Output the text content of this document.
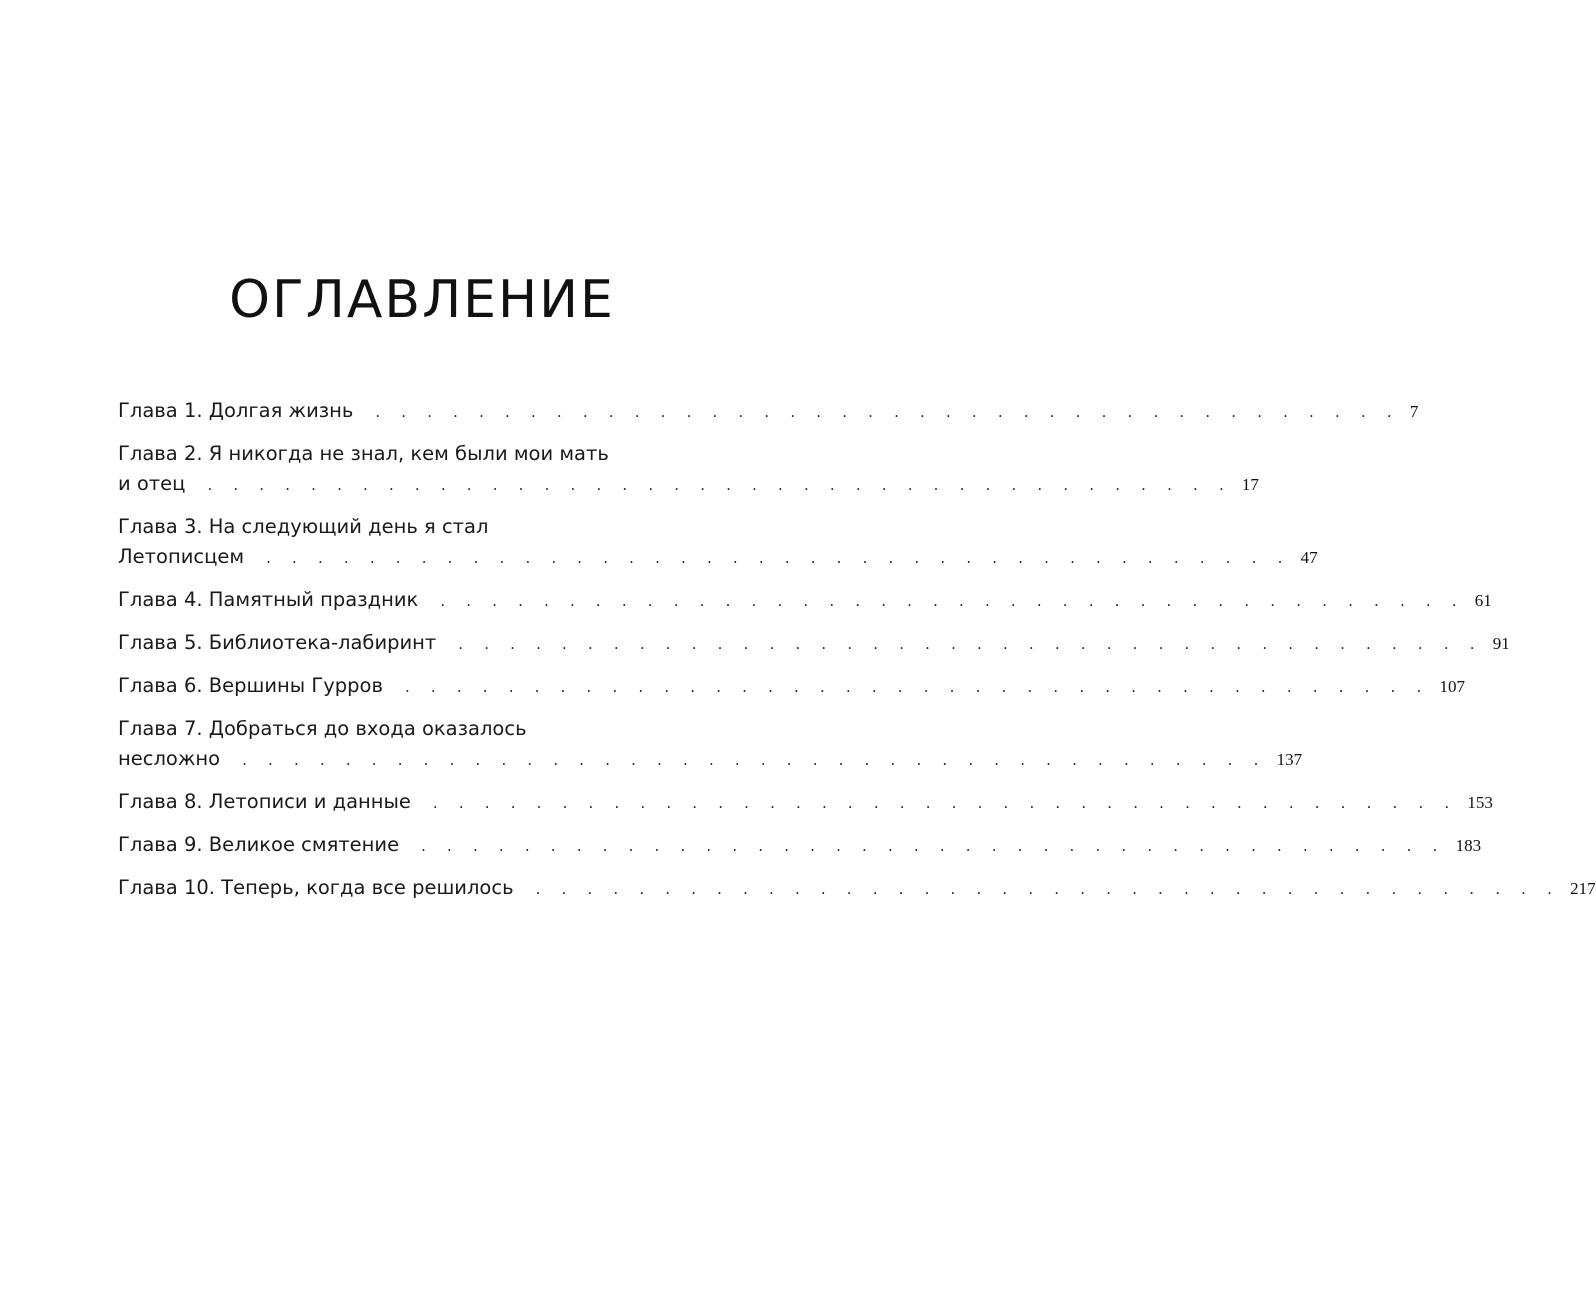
ОГЛАВЛЕНИЕ
Глава 1. Долгая жизнь . . . . . . . . . . . . . . . . . . . . . . . . . . . . . . . . . . . . . . . . 7
Глава 2. Я никогда не знал, кем были мои мать
и отец . . . . . . . . . . . . . . . . . . . . . . . . . . . . . . . . . . . . . . . . 17
Глава 3. На следующий день я стал
Летописцем . . . . . . . . . . . . . . . . . . . . . . . . . . . . . . . . . . . . . . . . 47
Глава 4. Памятный праздник . . . . . . . . . . . . . . . . . . . . . . . . . . . . . . . . . . . . . . . . 61
Глава 5. Библиотека-лабиринт . . . . . . . . . . . . . . . . . . . . . . . . . . . . . . . . . . . . . . . . 91
Глава 6. Вершины Гурров . . . . . . . . . . . . . . . . . . . . . . . . . . . . . . . . . . . . . . . . 107
Глава 7. Добраться до входа оказалось
несложно . . . . . . . . . . . . . . . . . . . . . . . . . . . . . . . . . . . . . . . . 137
Глава 8. Летописи и данные . . . . . . . . . . . . . . . . . . . . . . . . . . . . . . . . . . . . . . . . 153
Глава 9. Великое смятение . . . . . . . . . . . . . . . . . . . . . . . . . . . . . . . . . . . . . . . . 183
Глава 10. Теперь, когда все решилось . . . . . . . . . . . . . . . . . . . . . . . . . . . . . . . . . . . . . . . . 217
